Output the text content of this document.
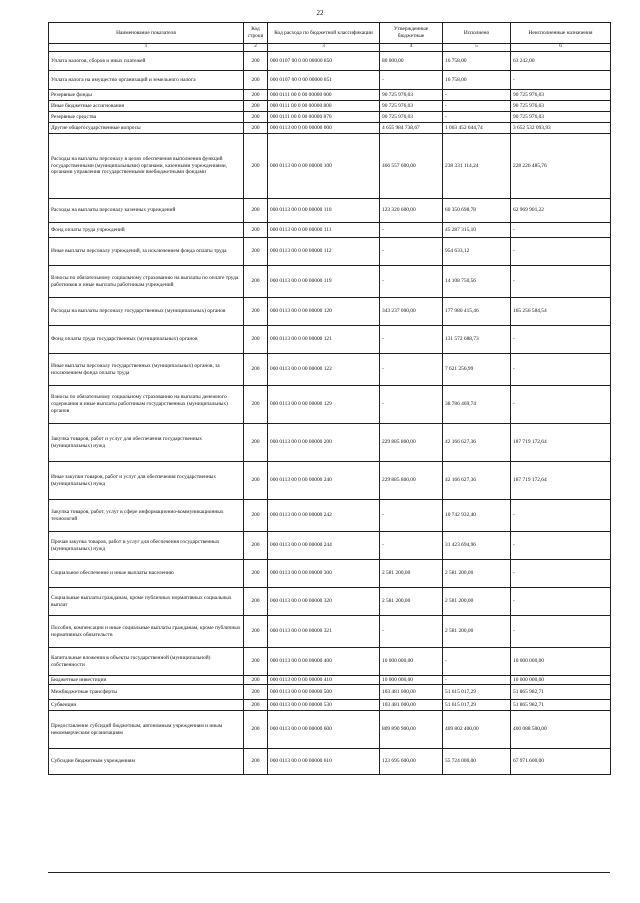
22
Наименование показателя	Код строки	Код расхода по бюджетной классификации	Утвержденные бюджетные	Исполнено	Неисполненные назначения
1	2	3	4	5	6
Уплата налогов, сборов и иных платежей	200	000 0107 00 0 00 00000 850	80 000,00	16 758,00	63 242,00
Уплата налога на имущество организаций и земельного налога	200	000 0107 00 0 00 00000 851	-	16 758,00	-
Резервные фонды	200	000 0111 00 0 00 00000 000	90 725 976,03	-	90 725 976,03
Иные бюджетные ассигнования	200	000 0111 00 0 00 00000 800	90 725 976,03	-	90 725 976,03
Резервные средства	200	000 0111 00 0 00 00000 870	90 725 976,03	-	90 725 976,03
Другие общегосударственные вопросы	200	000 0113 00 0 00 00000 000	4 655 984 738,67	1 003 452 644,74	3 652 532 093,93
Расходы на выплаты персоналу в целях обеспечения выполнения функций государственными (муниципальными) органами, казенными учреждениями, органами управления государственными внебюджетными фондами	200	000 0113 00 0 00 00000 100	466 557 600,00	238 331 114,24	228 226 485,76
Расходы на выплаты персоналу казенных учреждений	200	000 0113 00 0 00 00000 110	123 320 600,00	60 350 698,78	62 969 901,22
Фонд оплаты труда учреждений	200	000 0113 00 0 00 00000 111	-	45 287 315,10	-
Иные выплаты персоналу учреждений, за исключением фонда оплаты труда	200	000 0113 00 0 00 00000 112	-	954 633,12	-
Взносы по обязательному социальному страхованию на выплаты по оплате труда работников и иные выплаты работникам учреждений	200	000 0113 00 0 00 00000 119	-	14 108 750,56	-
Расходы на выплаты персоналу государственных (муниципальных) органов	200	000 0113 00 0 00 00000 120	343 237 000,00	177 980 415,46	165 256 584,54
Фонд оплаты труда государственных (муниципальных) органов	200	000 0113 00 0 00 00000 121	-	131 572 688,73	-
Иные выплаты персоналу государственных (муниципальных) органов, за исключением фонда оплаты труда	200	000 0113 00 0 00 00000 122	-	7 621 256,99	-
Взносы по обязательному социальному страхованию на выплаты денежного содержания и иные выплаты работникам государственных (муниципальных) органов	200	000 0113 00 0 00 00000 129	-	38 786 469,74	-
Закупка товаров, работ и услуг для обеспечения государственных (муниципальных) нужд	200	000 0113 00 0 00 00000 200	229 885 800,00	42 166 627,36	187 719 172,64
Иные закупки товаров, работ и услуг для обеспечения государственных (муниципальных) нужд	200	000 0113 00 0 00 00000 240	229 885 800,00	42 166 627,36	187 719 172,64
Закупка товаров, работ, услуг в сфере информационно-коммуникационных технологий	200	000 0113 00 0 00 00000 242	-	10 742 932,40	-
Прочая закупка товаров, работ и услуг для обеспечения государственных (муниципальных) нужд	200	000 0113 00 0 00 00000 244	-	31 423 694,96	-
Социальное обеспечение и иные выплаты населению	200	000 0113 00 0 00 00000 300	2 581 200,00	2 581 200,00	-
Социальные выплаты гражданам, кроме публичных нормативных социальных выплат	200	000 0113 00 0 00 00000 320	2 581 200,00	2 581 200,00	-
Пособия, компенсации и иные социальные выплаты гражданам, кроме публичных нормативных обязательств	200	000 0113 00 0 00 00000 321	-	2 581 200,00	-
Капитальные вложения в объекты государственной (муниципальной) собственности	200	000 0113 00 0 00 00000 400	10 000 000,00	-	10 000 000,00
Бюджетные инвестиции	200	000 0113 00 0 00 00000 410	10 000 000,00	-	10 000 000,00
Межбюджетные трансферты	200	000 0113 00 0 00 00000 500	103 481 000,00	51 615 017,29	51 865 982,71
Субвенции	200	000 0113 00 0 00 00000 530	103 481 000,00	51 615 017,29	51 865 982,71
Предоставление субсидий бюджетным, автономным учреждениям и иным некоммерческим организациям	200	000 0113 00 0 00 00000 600	809 890 900,00	409 802 400,00	400 088 500,00
Субсидии бюджетным учреждениям	200	000 0113 00 0 00 00000 610	123 695 600,00	55 724 000,00	67 971 600,00
